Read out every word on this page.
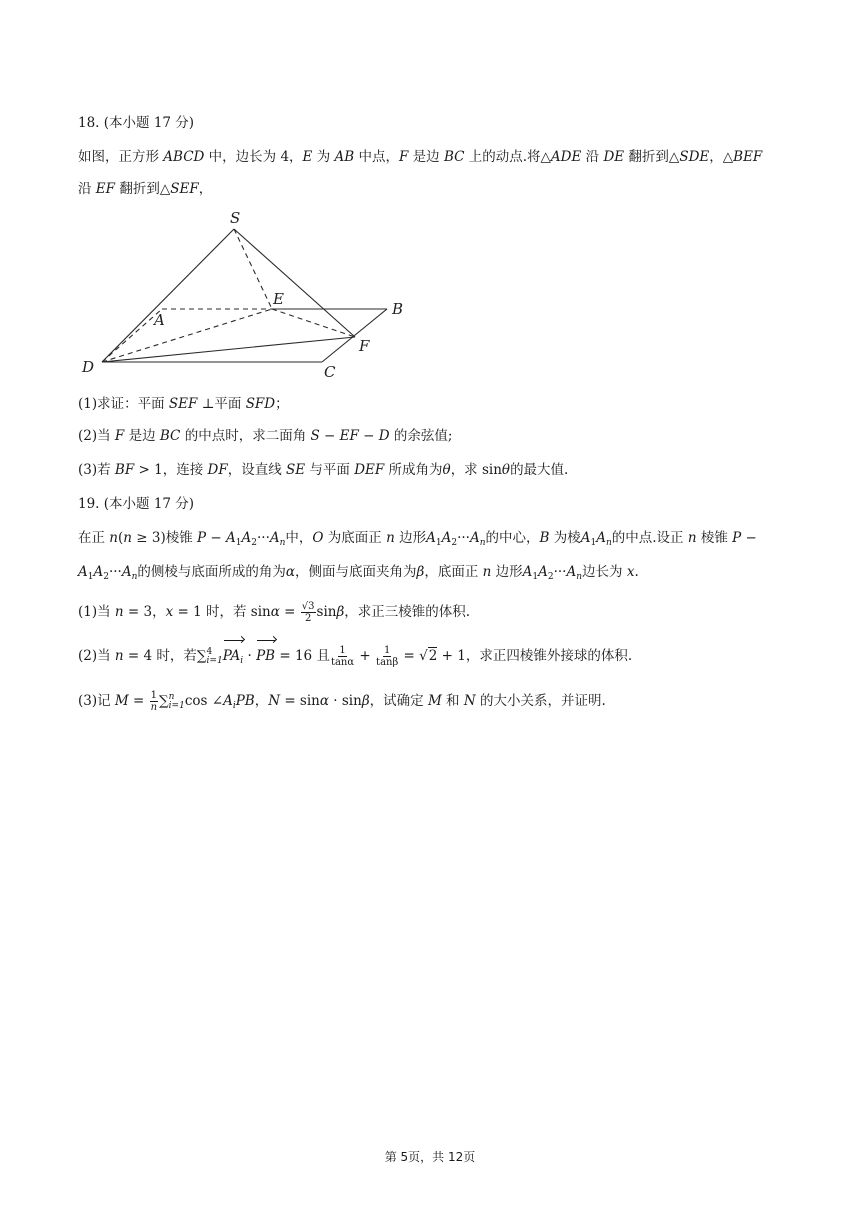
18. (本小题 17 分)
如图，正方形 ABCD 中，边长为 4，E 为 AB 中点，F 是边 BC 上的动点.将△ADE 沿 DE 翻折到△SDE，△BEF
沿 EF 翻折到△SEF，
S
E
A
B
F
D	C
(1)求证：平面 SEF ⊥平面 SFD；
(2)当 F 是边 BC 的中点时，求二面角 S − EF − D 的余弦值;
(3)若 BF > 1，连接 DF，设直线 SE 与平面 DEF 所成角为θ，求 sinθ的最大值.
19. (本小题 17 分)
在正 n(n ≥ 3)棱锥 $P - A_1A_2\cdot\cdot\cdot A_n$中，O 为底面正 n 边形$A_1A_2\cdot\cdot\cdot A_n$的中心，B 为棱$A_1A_n$的中点.设正 n 棱锥 P −
$A_1A_2\cdot\cdot\cdot A_n$的侧棱与底面所成的角为α，侧面与底面夹角为β，底面正 n 边形$A_1A_2\cdot\cdot\cdot A_n$边长为 x.
(1)当 n = 3，x = 1 时，若 $\sin\alpha = \frac{√3}{2}$ sinβ，求正三棱锥的体积.
(2)当 n = 4 时，若∑ 4
i=1 $PA_i$ · PB = 16 且 $\frac{1}{\tan\alpha} + \frac{1}{\tan\beta} = √2 + 1$，求正四棱锥外接球的体积.
(3)记 $M = \frac{1}{n}$ ∑ n
i=1 $\cos \angle A_iPB$，N = sinα · sinβ，试确定 M 和 N 的大小关系，并证明.
第 5页，共 12页
